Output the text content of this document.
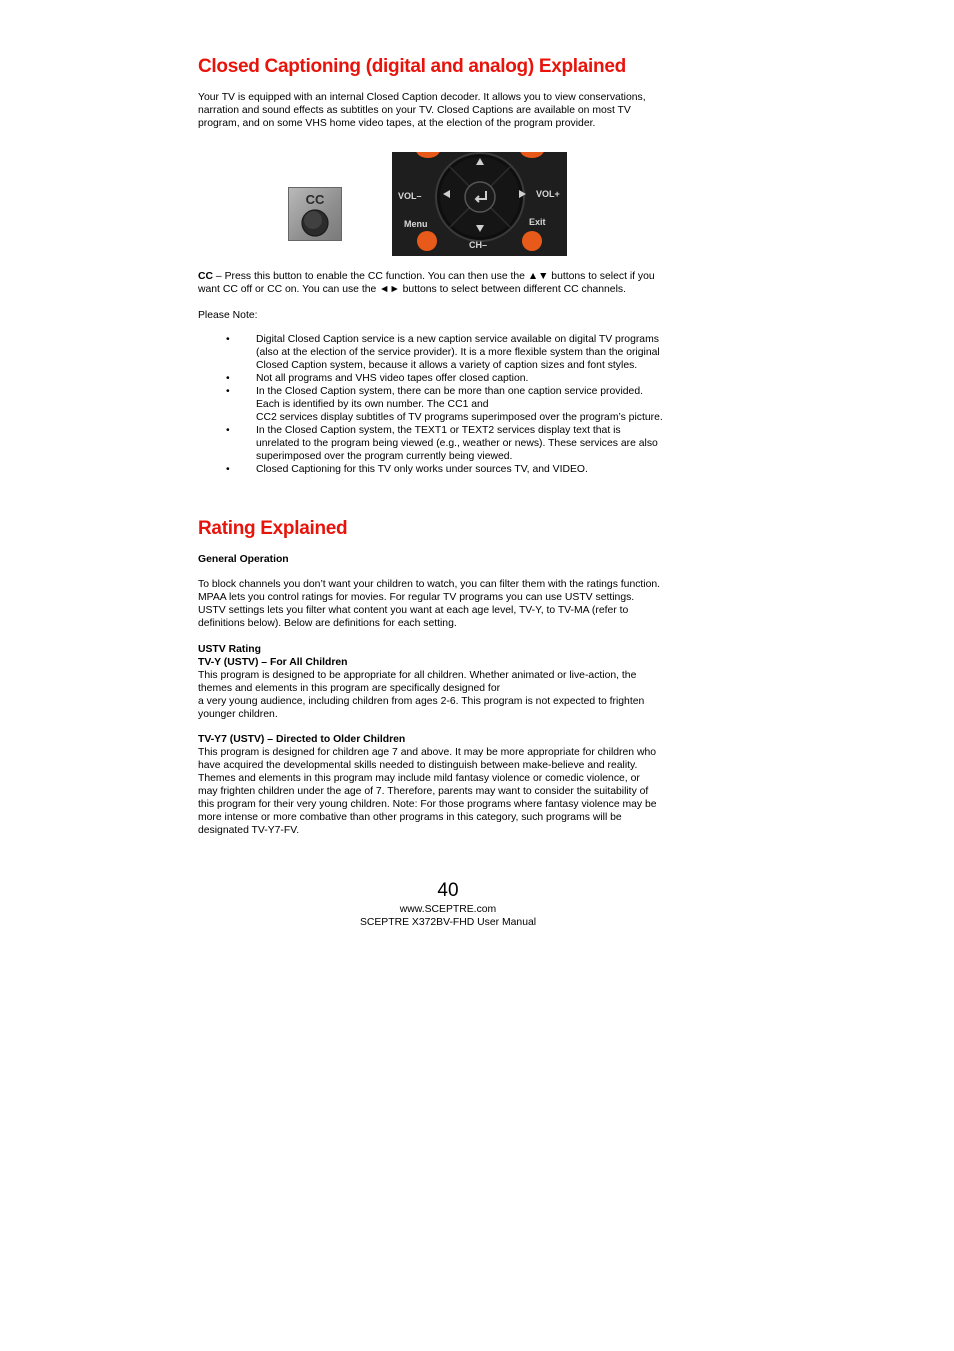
Closed Captioning (digital and analog) Explained
Your TV is equipped with an internal Closed Caption decoder. It allows you to view conservations,
narration and sound effects as subtitles on your TV. Closed Captions are available on most TV
program, and on some VHS home video tapes, at the election of the program provider.
CC	VOL–	VOL+
Menu	Exit
CH–
CC – Press this button to enable the CC function. You can then use the ▲▼ buttons to select if you
want CC off or CC on. You can use the ◄► buttons to select between different CC channels.
Please Note:
•	Digital Closed Caption service is a new caption service available on digital TV programs
(also at the election of the service provider). It is a more flexible system than the original
Closed Caption system, because it allows a variety of caption sizes and font styles.
•	Not all programs and VHS video tapes offer closed caption.
•	In the Closed Caption system, there can be more than one caption service provided.
Each is identified by its own number. The CC1 and
CC2 services display subtitles of TV programs superimposed over the program’s picture.
•	In the Closed Caption system, the TEXT1 or TEXT2 services display text that is
unrelated to the program being viewed (e.g., weather or news). These services are also
superimposed over the program currently being viewed.
•	Closed Captioning for this TV only works under sources TV, and VIDEO.
Rating Explained
General Operation
To block channels you don’t want your children to watch, you can filter them with the ratings function.
MPAA lets you control ratings for movies. For regular TV programs you can use USTV settings.
USTV settings lets you filter what content you want at each age level, TV-Y, to TV-MA (refer to
definitions below). Below are definitions for each setting.
USTV Rating
TV-Y (USTV) – For All Children
This program is designed to be appropriate for all children. Whether animated or live-action, the
themes and elements in this program are specifically designed for
a very young audience, including children from ages 2-6. This program is not expected to frighten
younger children.
TV-Y7 (USTV) – Directed to Older Children
This program is designed for children age 7 and above. It may be more appropriate for children who
have acquired the developmental skills needed to distinguish between make-believe and reality.
Themes and elements in this program may include mild fantasy violence or comedic violence, or
may frighten children under the age of 7. Therefore, parents may want to consider the suitability of
this program for their very young children. Note: For those programs where fantasy violence may be
more intense or more combative than other programs in this category, such programs will be
designated TV-Y7-FV.
40
www.SCEPTRE.com
SCEPTRE X372BV-FHD User Manual
